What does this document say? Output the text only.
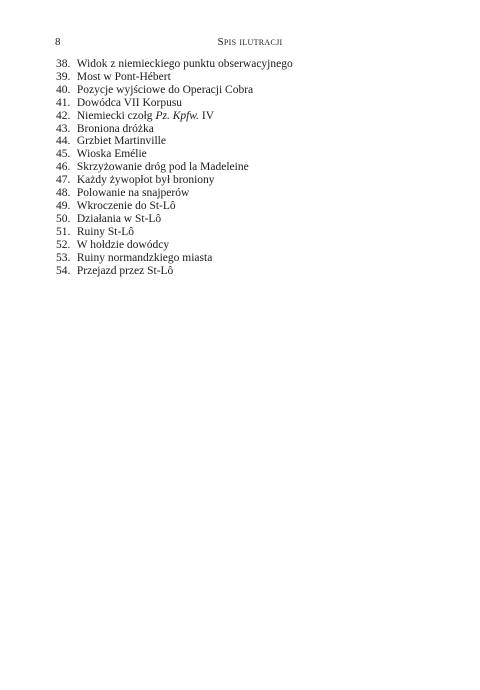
8	Spis ilutracji
38. Widok z niemieckiego punktu obserwacyjnego
39. Most w Pont-Hébert
40. Pozycje wyjściowe do Operacji Cobra
41. Dowódca VII Korpusu
42. Niemiecki czołg Pz. Kpfw. IV
43. Broniona dróżka
44. Grzbiet Martinville
45. Wioska Emélie
46. Skrzyżowanie dróg pod la Madeleine
47. Każdy żywopłot był broniony
48. Polowanie na snajperów
49. Wkroczenie do St-Lô
50. Działania w St-Lô
51. Ruiny St-Lô
52. W hołdzie dowódcy
53. Ruiny normandzkiego miasta
54. Przejazd przez St-Lô
